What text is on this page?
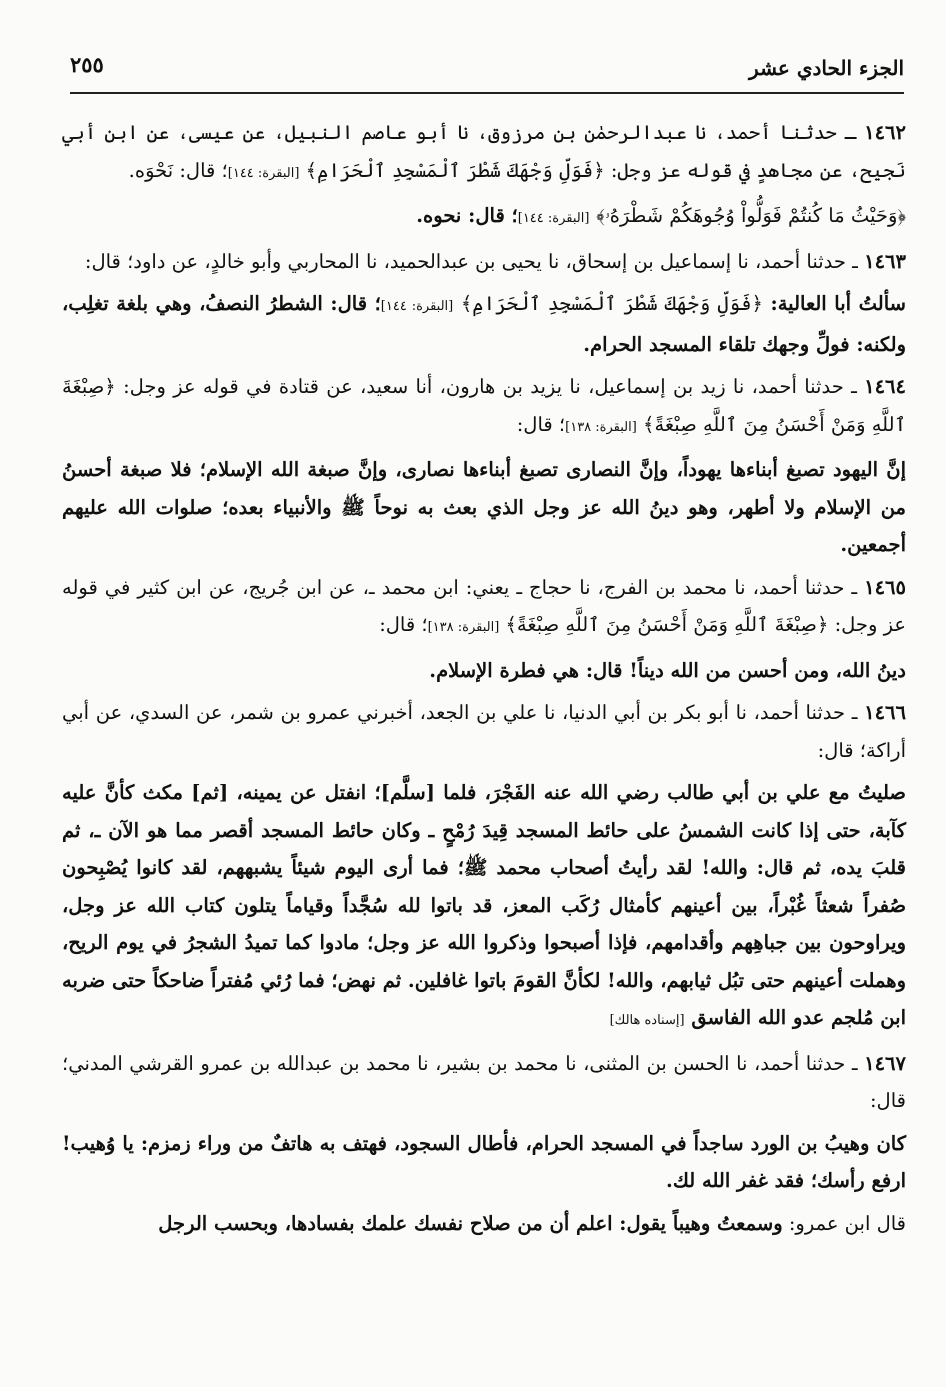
الجزء الحادي عشر
٢٥٥

١٤٦٢ ـ حدثنا أحمد، نا عبدالرحمٰن بن مرزوق، نا أبو عاصم النبيل، عن عيسى، عن ابن أبي نَجيح، عن مجاهدٍ في قوله عز وجل: ﴿فَوَلِّ وَجْهَكَ شَطْرَ ٱلْمَسْجِدِ ٱلْحَرَامِ﴾ [البقرة: ١٤٤]؛ قال: نَحْوَه.

﴿وَحَيْثُ مَا كُنتُمْ فَوَلُّواْ وُجُوهَكُمْ شَطْرَهُۥ﴾ [البقرة: ١٤٤]؛ قال: نحوه.

١٤٦٣ ـ حدثنا أحمد، نا إسماعيل بن إسحاق، نا يحيى بن عبدالحميد، نا المحاربي وأبو خالدٍ، عن داود؛ قال:

سألتُ أبا العالية: ﴿فَوَلِّ وَجْهَكَ شَطْرَ ٱلْمَسْجِدِ ٱلْحَرَامِ﴾ [البقرة: ١٤٤]؛ قال: الشطرُ النصفُ، وهي بلغة تغلِب، ولكنه: فولِّ وجهك تلقاء المسجد الحرام.

١٤٦٤ ـ حدثنا أحمد، نا زيد بن إسماعيل، نا يزيد بن هارون، أنا سعيد، عن قتادة في قوله عز وجل: ﴿صِبْغَةَ ٱللَّهِ وَمَنْ أَحْسَنُ مِنَ ٱللَّهِ صِبْغَةً﴾ [البقرة: ١٣٨]؛ قال:

إنَّ اليهود تصبغ أبناءها يهوداً، وإنَّ النصارى تصبغ أبناءها نصارى، وإنَّ صبغة الله الإسلام؛ فلا صبغة أحسنُ من الإسلام ولا أطهر، وهو دينُ الله عز وجل الذي بعث به نوحاً ﷺ والأنبياء بعده؛ صلوات الله عليهم أجمعين.

١٤٦٥ ـ حدثنا أحمد، نا محمد بن الفرج، نا حجاج ـ يعني: ابن محمد ـ، عن ابن جُريج، عن ابن كثير في قوله عز وجل: ﴿صِبْغَةَ ٱللَّهِ وَمَنْ أَحْسَنُ مِنَ ٱللَّهِ صِبْغَةً﴾ [البقرة: ١٣٨]؛ قال:

دينُ الله، ومن أحسن من الله ديناً! قال: هي فطرة الإسلام.

١٤٦٦ ـ حدثنا أحمد، نا أبو بكر بن أبي الدنيا، نا علي بن الجعد، أخبرني عمرو بن شمر، عن السدي، عن أبي أراكة؛ قال:

صليتُ مع علي بن أبي طالب رضي الله عنه الفَجْرَ، فلما [سلَّم]؛ انفتل عن يمينه، [ثم] مكث كأنَّ عليه كآبة، حتى إذا كانت الشمسُ على حائط المسجد قِيدَ رُمْحٍ ـ وكان حائط المسجد أقصر مما هو الآن ـ، ثم قلبَ يده، ثم قال: والله! لقد رأيتُ أصحاب محمد ﷺ؛ فما أرى اليوم شيئاً يشبههم، لقد كانوا يُصْبِحون صُفراً شعثاً غُبْراً، بين أعينهم كأمثال رُكَب المعز، قد باتوا لله سُجَّداً وقياماً يتلون كتاب الله عز وجل، ويراوحون بين جباهِهم وأقدامهم، فإذا أصبحوا وذكروا الله عز وجل؛ مادوا كما تميدُ الشجرُ في يوم الريح، وهملت أعينهم حتى تبُل ثيابهم، والله! لكأنَّ القومَ باتوا غافلين. ثم نهض؛ فما رُئي مُفتراً ضاحكاً حتى ضربه ابن مُلجم عدو الله الفاسق [إسناده هالك]

١٤٦٧ ـ حدثنا أحمد، نا الحسن بن المثنى، نا محمد بن بشير، نا محمد بن عبدالله بن عمرو القرشي المدني؛ قال:

كان وهيبُ بن الورد ساجداً في المسجد الحرام، فأطال السجود، فهتف به هاتفٌ من وراء زمزم: يا وُهيب! ارفع رأسك؛ فقد غفر الله لك.

قال ابن عمرو: وسمعتُ وهيباً يقول: اعلم أن من صلاح نفسك علمك بفسادها، وبحسب الرجل
